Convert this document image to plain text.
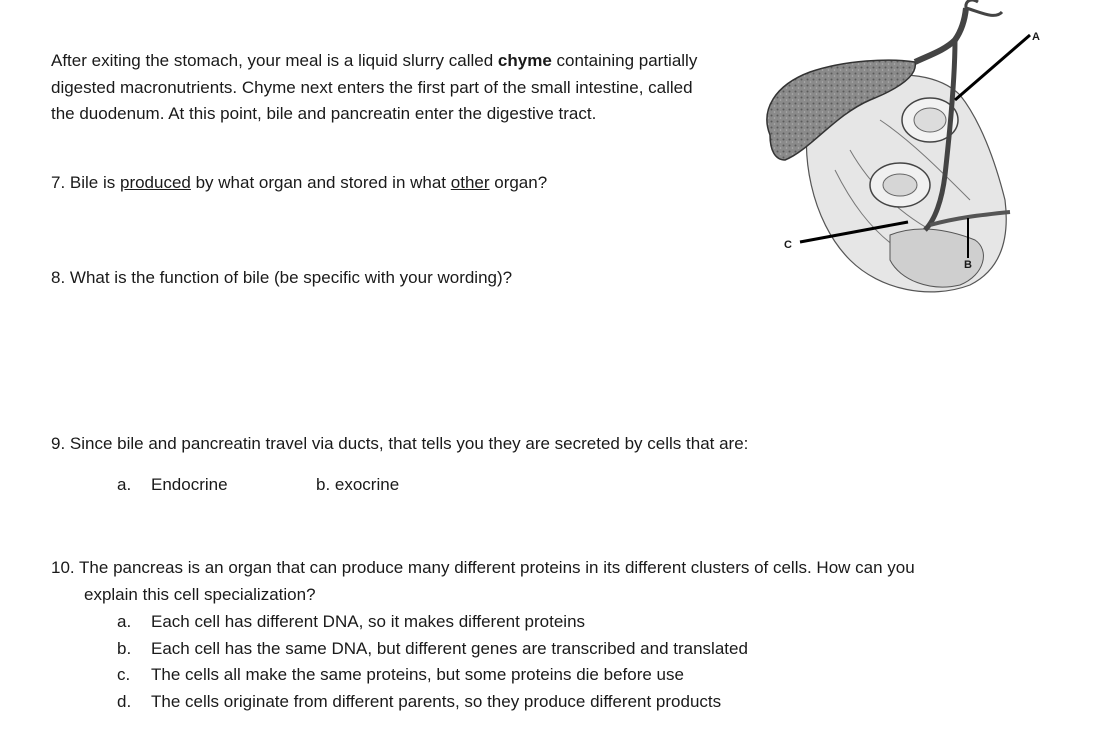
After exiting the stomach, your meal is a liquid slurry called chyme containing partially digested macronutrients. Chyme next enters the first part of the small intestine, called the duodenum. At this point, bile and pancreatin enter the digestive tract.

7. Bile is produced by what organ and stored in what other organ?

8. What is the function of bile (be specific with your wording)?

9. Since bile and pancreatin travel via ducts, that tells you they are secreted by cells that are:

a. Endocrine	b. exocrine

10. The pancreas is an organ that can produce many different proteins in its different clusters of cells. How can you

explain this cell specialization?

a. Each cell has different DNA, so it makes different proteins
b. Each cell has the same DNA, but different genes are transcribed and translated
c. The cells all make the same proteins, but some proteins die before use
d. The cells originate from different parents, so they produce different products
A
B
C
